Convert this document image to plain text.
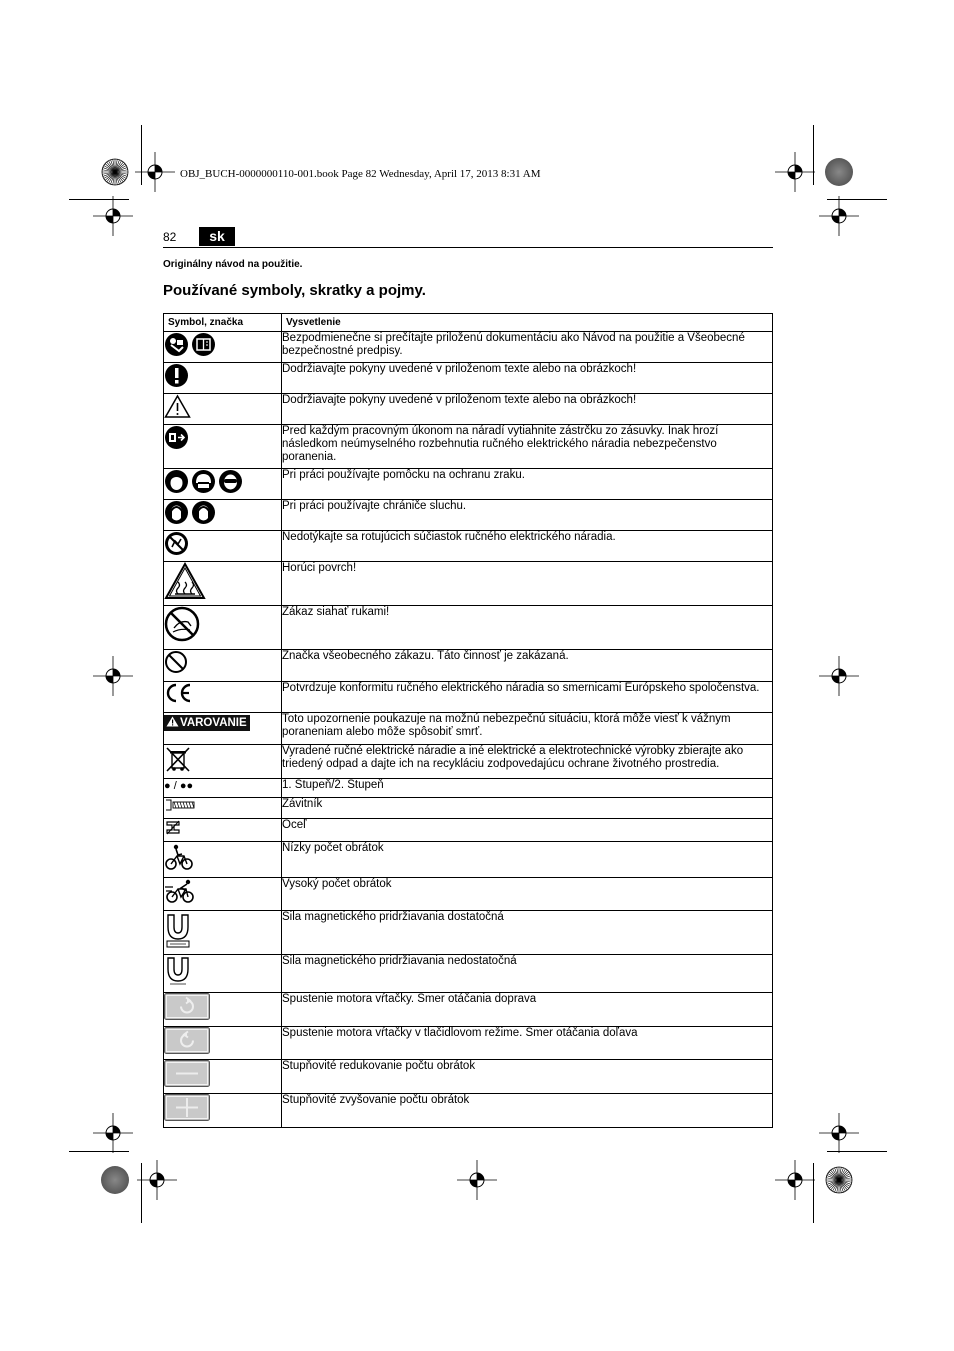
OBJ_BUCH-0000000110-001.book Page 82 Wednesday, April 17, 2013 8:31 AM
82	sk
Originálny návod na použitie.
Používané symboly, skratky a pojmy.
Symbol, značka	Vysvetlenie
	Bezpodmienečne si prečítajte priloženú dokumentáciu ako Návod na použitie a Všeobecné bezpečnostné predpisy.
	Dodržiavajte pokyny uvedené v priloženom texte alebo na obrázkoch!
	Dodržiavajte pokyny uvedené v priloženom texte alebo na obrázkoch!
	Pred každým pracovným úkonom na náradí vytiahnite zástrčku zo zásuvky. Inak hrozí následkom neúmyselného rozbehnutia ručného elektrického náradia nebezpečenstvo poranenia.
	Pri práci používajte pomôcku na ochranu zraku.
	Pri práci používajte chrániče sluchu.
	Nedotýkajte sa rotujúcich súčiastok ručného elektrického náradia.
	Horúci povrch!
	Zákaz siahať rukami!
	Značka všeobecného zákazu. Táto činnosť je zakázaná.
	Potvrdzuje konformitu ručného elektrického náradia so smernicami Európskeho spoločenstva.
VAROVANIE	Toto upozornenie poukazuje na možnú nebezpečnú situáciu, ktorá môže viesť k vážnym poraneniam alebo môže spôsobiť smrť.
	Vyradené ručné elektrické náradie a iné elektrické a elektrotechnické výrobky zbierajte ako triedený odpad a dajte ich na recykláciu zodpovedajúcu ochrane životného prostredia.
● / ●●	1. Stupeň/2. Stupeň
	Závitník
	Oceľ
	Nízky počet obrátok
	Vysoký počet obrátok
	Sila magnetického pridržiavania dostatočná
	Sila magnetického pridržiavania nedostatočná
	Spustenie motora vŕtačky. Smer otáčania doprava
	Spustenie motora vŕtačky v tlačidlovom režime. Smer otáčania doľava
	Stupňovité redukovanie počtu obrátok
	Stupňovité zvyšovanie počtu obrátok
